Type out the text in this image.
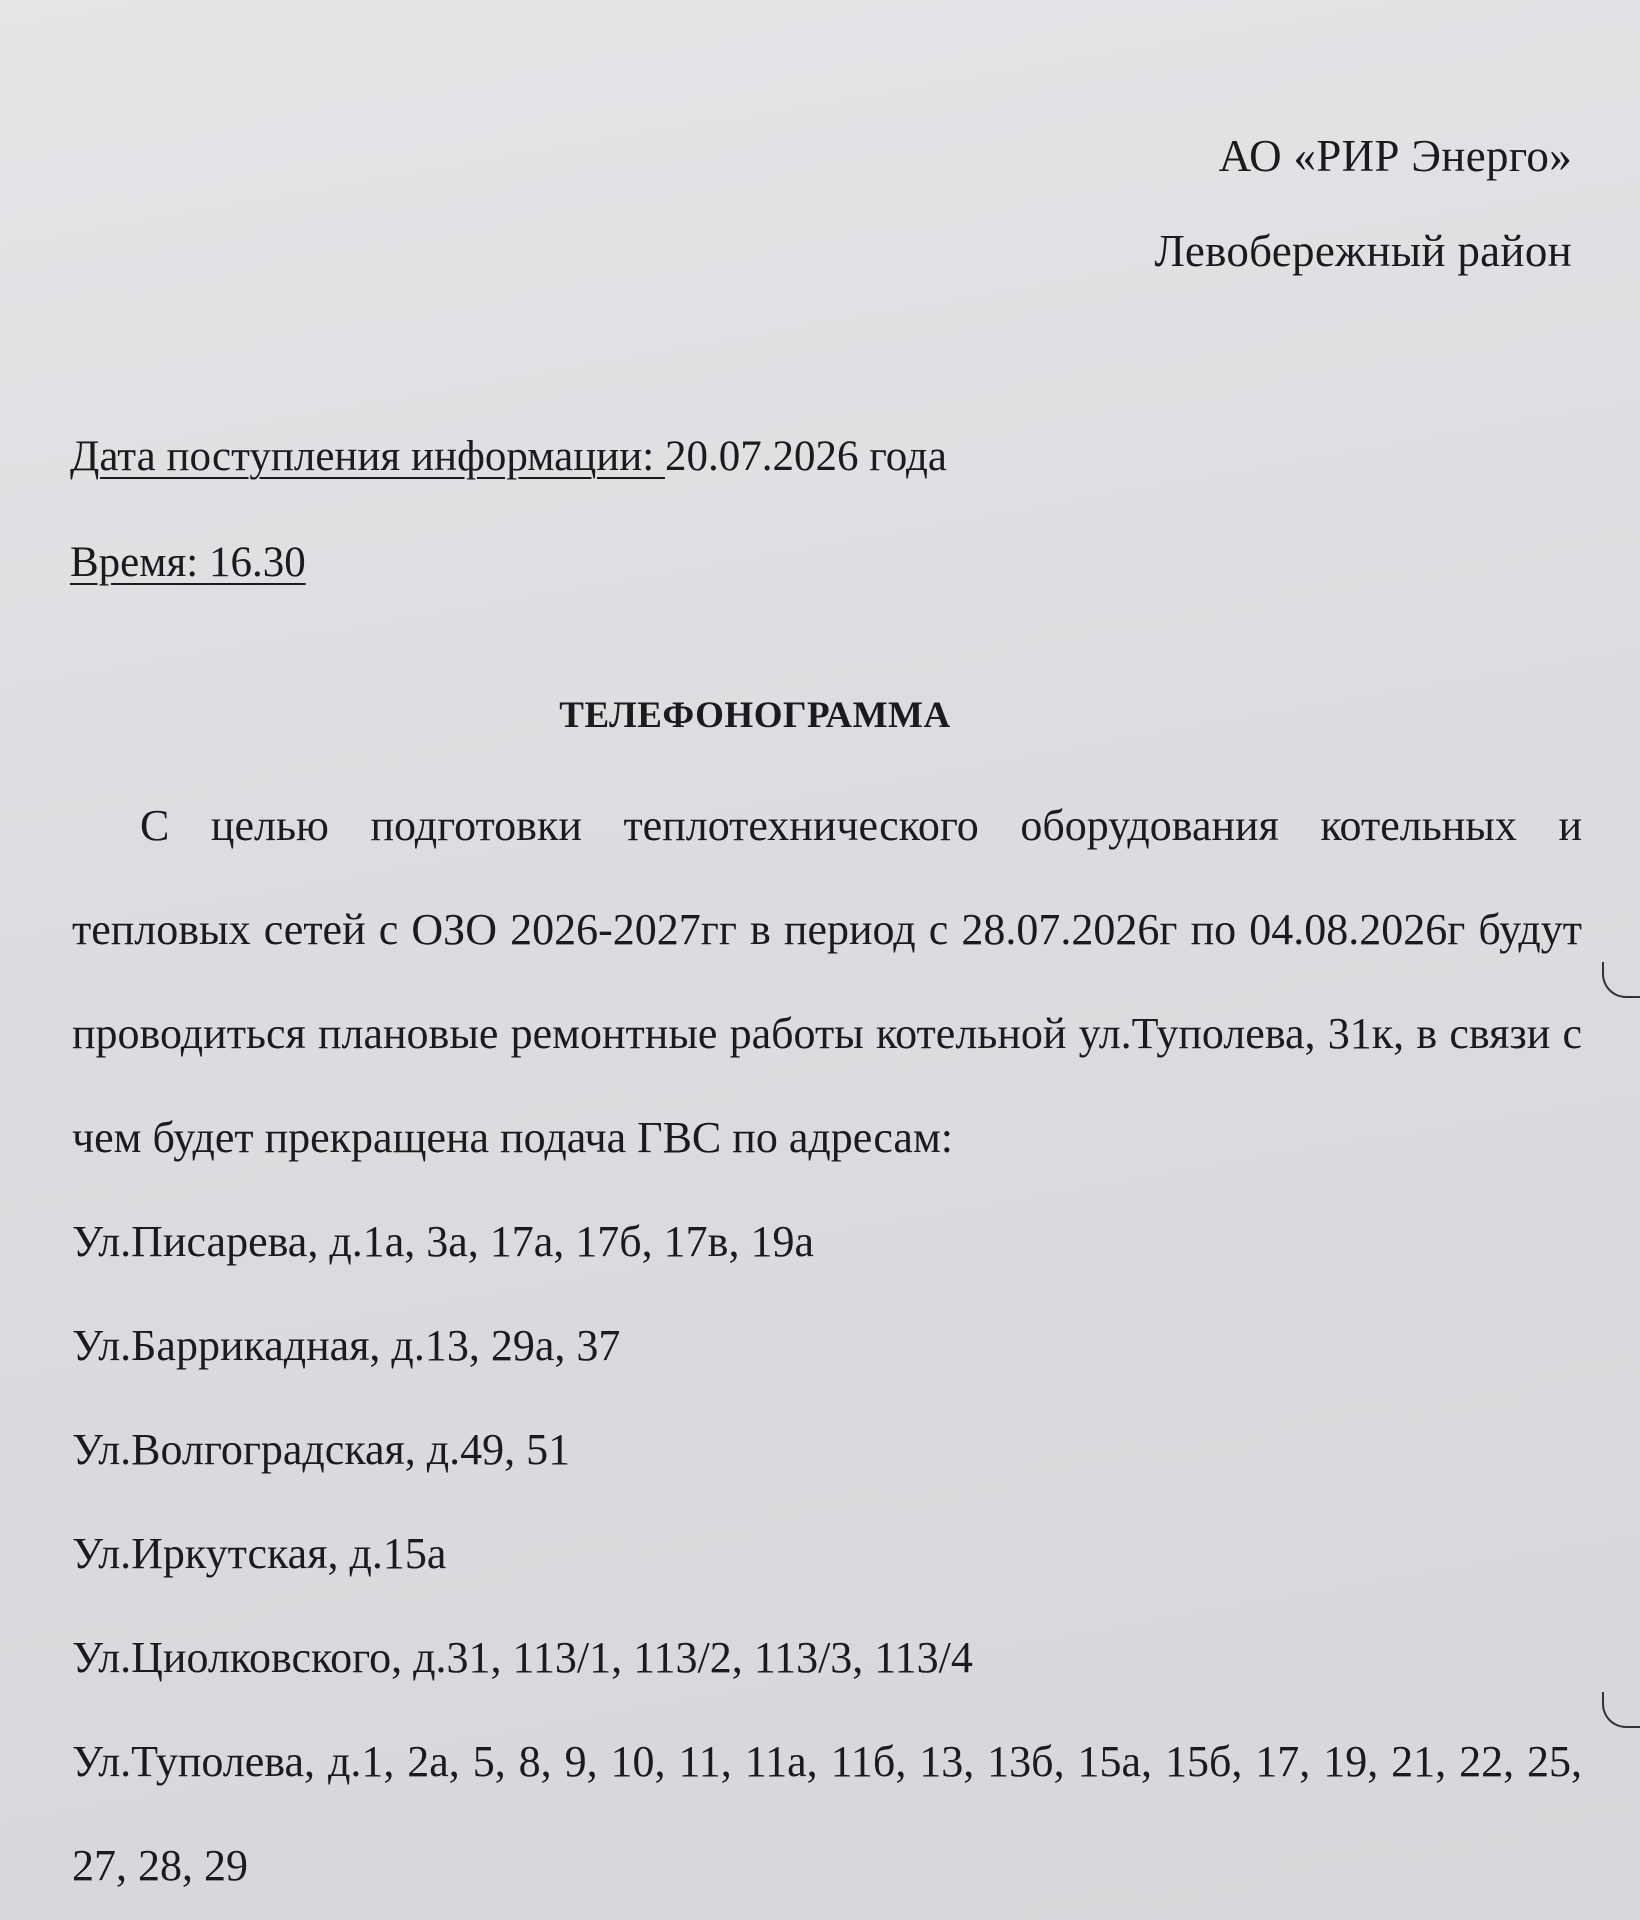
АО «РИР Энерго»
Левобережный район
Дата поступления информации: 20.07.2026 года
Время: 16.30
ТЕЛЕФОНОГРАММА

С целью подготовки теплотехнического оборудования котельных и тепловых сетей с ОЗО 2026-2027гг в период с 28.07.2026г по 04.08.2026г будут проводиться плановые ремонтные работы котельной ул.Туполева, 31к, в связи с чем будет прекращена подача ГВС по адресам:

Ул.Писарева, д.1а, 3а, 17а, 17б, 17в, 19а

Ул.Баррикадная, д.13, 29а, 37

Ул.Волгоградская, д.49, 51

Ул.Иркутская, д.15а

Ул.Циолковского, д.31, 113/1, 113/2, 113/3, 113/4

Ул.Туполева, д.1, 2а, 5, 8, 9, 10, 11, 11а, 11б, 13, 13б, 15а, 15б, 17, 19, 21, 22, 25, 27, 28, 29
